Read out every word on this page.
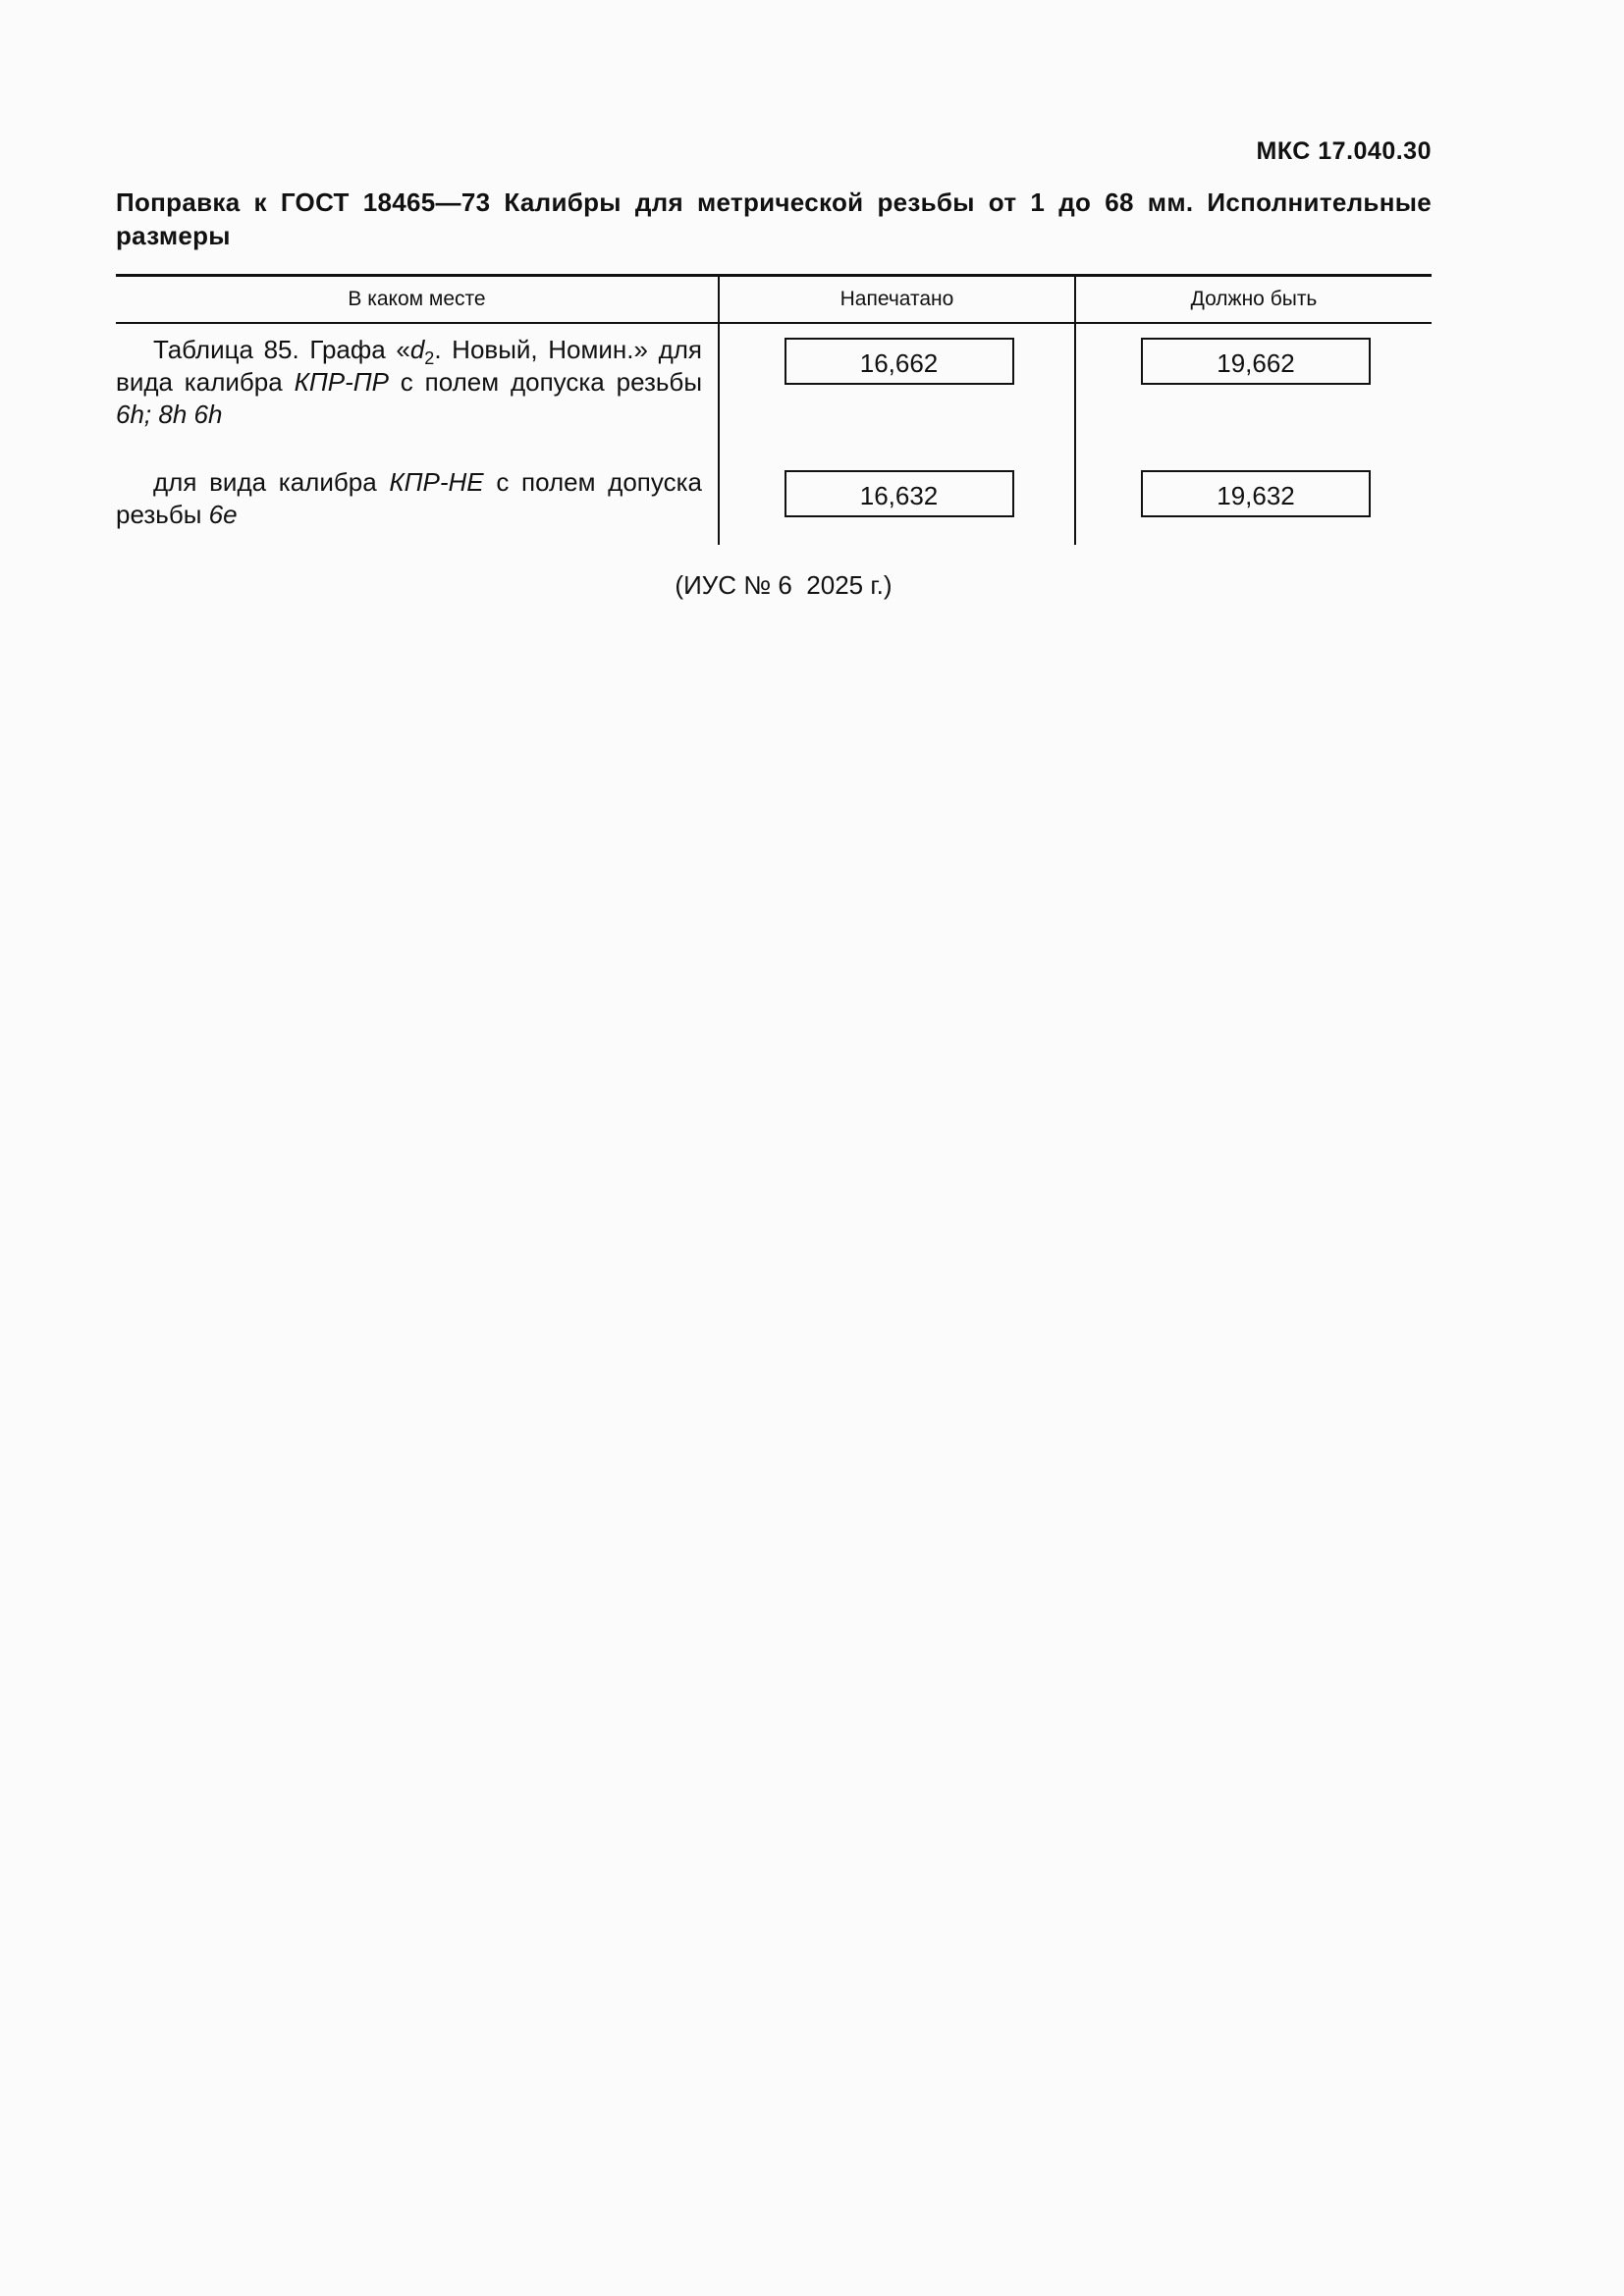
МКС 17.040.30
Поправка к ГОСТ 18465—73 Калибры для метрической резьбы от 1 до 68 мм. Исполнительные размеры
В каком месте	Напечатано	Должно быть
Таблица 85. Графа «$d_2$. Новый, Номин.» для вида калибра КПР-ПР с полем допуска резьбы 6h; 8h 6h	16,662	19,662
для вида калибра КПР-НЕ с полем допуска резьбы 6e	16,632	19,632
(ИУС № 6  2025 г.)
